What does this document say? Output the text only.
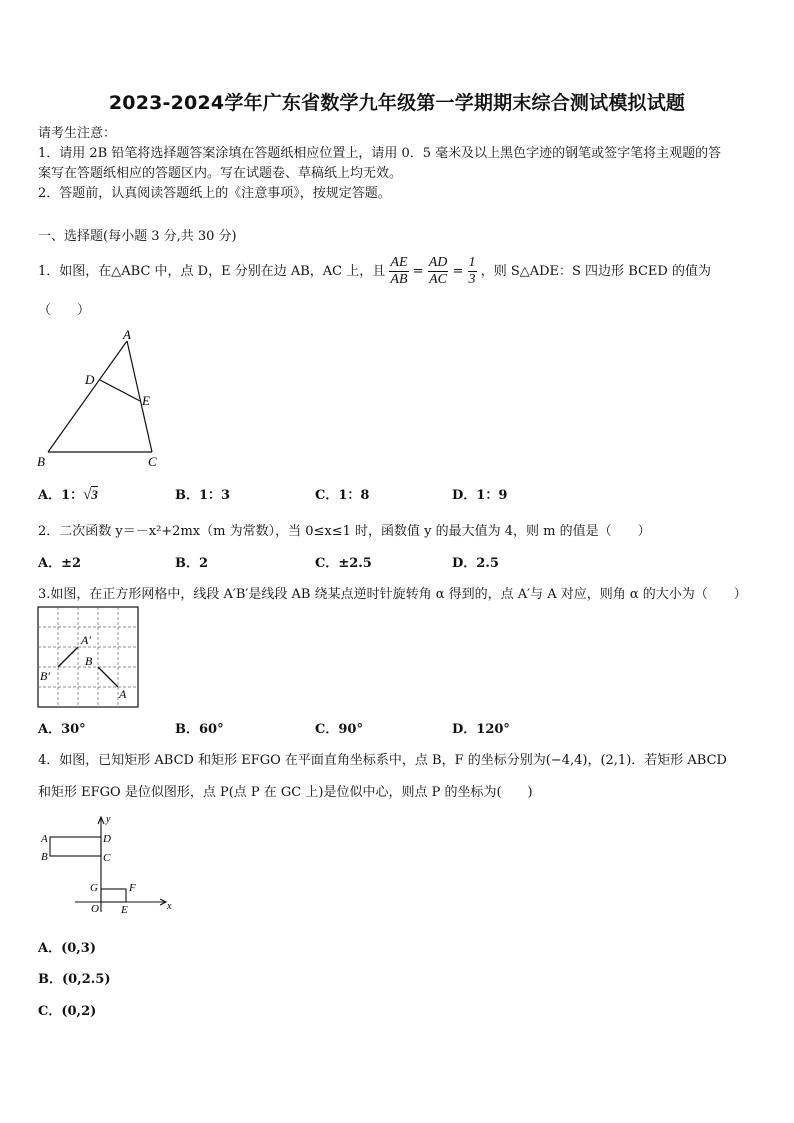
2023-2024学年广东省数学九年级第一学期期末综合测试模拟试题
请考生注意：
1．请用 2B 铅笔将选择题答案涂填在答题纸相应位置上，请用 0．5 毫米及以上黑色字迹的钢笔或签字笔将主观题的答
案写在答题纸相应的答题区内。写在试题卷、草稿纸上均无效。
2．答题前，认真阅读答题纸上的《注意事项》，按规定答题。
一、选择题(每小题 3 分,共 30 分)
1．如图，在△ABC 中，点 D，E 分别在边 AB，AC 上，且 $\frac{AE}{AB} = \frac{AD}{AC} = \frac{1}{3}$ ，则 S△ADE：S 四边形 BCED 的值为
（　　）
A
D
E
B	C
A．1：√3	B．1：3	C．1：8	D．1：9
2．二次函数 y＝－x²+2mx（m 为常数），当 0≤x≤1 时，函数值 y 的最大值为 4，则 m 的值是（　　）
A．±2	B．2	C．±2.5	D．2.5
3.如图，在正方形网格中，线段 A′B′是线段 AB 绕某点逆时针旋转角 α 得到的，点 A′与 A 对应，则角 α 的大小为（　　）
A′
B
B′
A
A．30°	B．60°	C．90°	D．120°
4．如图，已知矩形 ABCD 和矩形 EFGO 在平面直角坐标系中，点 B，F 的坐标分别为(−4,4)，(2,1)．若矩形 ABCD
和矩形 EFGO 是位似图形，点 P(点 P 在 GC 上)是位似中心，则点 P 的坐标为(　　)
y
x
A
B
D
C
G	F
O E
A．(0,3)
B．(0,2.5)
C．(0,2)
